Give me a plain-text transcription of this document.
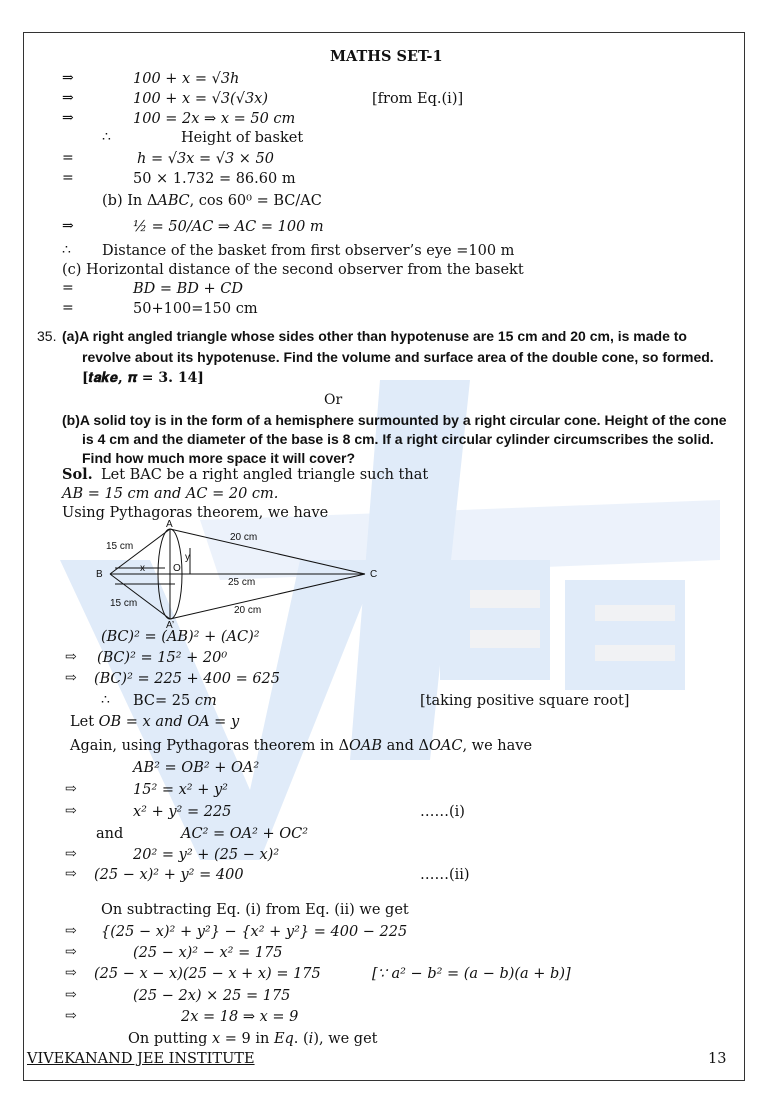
MATHS SET-1
⇒	100 + 𝑥 = √3ℎ
⇒	100 + 𝑥 = √3(√3𝑥)	[from Eq.(i)]
⇒	100 = 2𝑥 ⇒ 𝑥 = 50 𝑐𝑚
∴	Height of basket
=	ℎ = √3𝑥 = √3 × 50
=	50 × 1.732 = 86.60 m
(b) In Δ𝐴𝐵𝐶, cos 60⁰ = BC/AC
⇒	½ = 50/AC ⇒ 𝐴𝐶 = 100 𝑚
∴ Distance of the basket from first observer’s eye =100 m
(c) Horizontal distance of the second observer from the basekt
=	𝐵𝐷 = 𝐵𝐷 + 𝐶𝐷
=	50+100=150 cm
35. (a)A right angled triangle whose sides other than hypotenuse are 15 cm and 20 cm, is made to
revolve about its hypotenuse. Find the volume and surface area of the double cone, so formed.
[𝒕𝒂𝒌𝒆, 𝝅 = 𝟑. 𝟏𝟒]
Or
(b)A solid toy is in the form of a hemisphere surmounted by a right circular cone. Height of the cone
is 4 cm and the diameter of the base is 8 cm. If a right circular cylinder circumscribes the solid.
Find how much more space it will cover?
Sol. Let BAC be a right angled triangle such that
𝐴𝐵 = 15 𝑐𝑚 𝑎𝑛𝑑 𝐴𝐶 = 20 𝑐𝑚.
Using Pythagoras theorem, we have
A
B	C
O
A’
x
y
15 cm
20 cm
25 cm
15 cm
20 cm
(𝐵𝐶)² = (𝐴𝐵)² + (𝐴𝐶)²
⇨ (𝐵𝐶)² = 15² + 20⁰
⇨ (𝐵𝐶)² = 225 + 400 = 625
∴ BC= 25 𝑐𝑚	[taking positive square root]
Let 𝑂𝐵 = 𝑥 𝑎𝑛𝑑 𝑂𝐴 = 𝑦
Again, using Pythagoras theorem in Δ𝑂𝐴𝐵 and Δ𝑂𝐴𝐶, we have
𝐴𝐵² = 𝑂𝐵² + 𝑂𝐴²
⇨	15² = 𝑥² + 𝑦²
⇨	𝑥² + 𝑦² = 225	……(i)
and	𝐴𝐶² = 𝑂𝐴² + 𝑂𝐶²
⇨	20² = 𝑦² + (25 − 𝑥)²
⇨ (25 − 𝑥)² + 𝑦² = 400	……(ii)
On subtracting Eq. (i) from Eq. (ii) we get
⇨ {(25 − 𝑥)² + 𝑦²} − {𝑥² + 𝑦²} = 400 − 225
⇨	(25 − 𝑥)² − 𝑥² = 175
⇨ (25 − 𝑥 − 𝑥)(25 − 𝑥 + 𝑥) = 175	[∵ 𝑎² − 𝑏² = (𝑎 − 𝑏)(𝑎 + 𝑏)]
⇨	(25 − 2𝑥) × 25 = 175
⇨	2𝑥 = 18 ⇒ 𝑥 = 9
On putting 𝑥 = 9 in 𝐸𝑞. (𝑖), we get
VIVEKANAND JEE INSTITUTE	13
